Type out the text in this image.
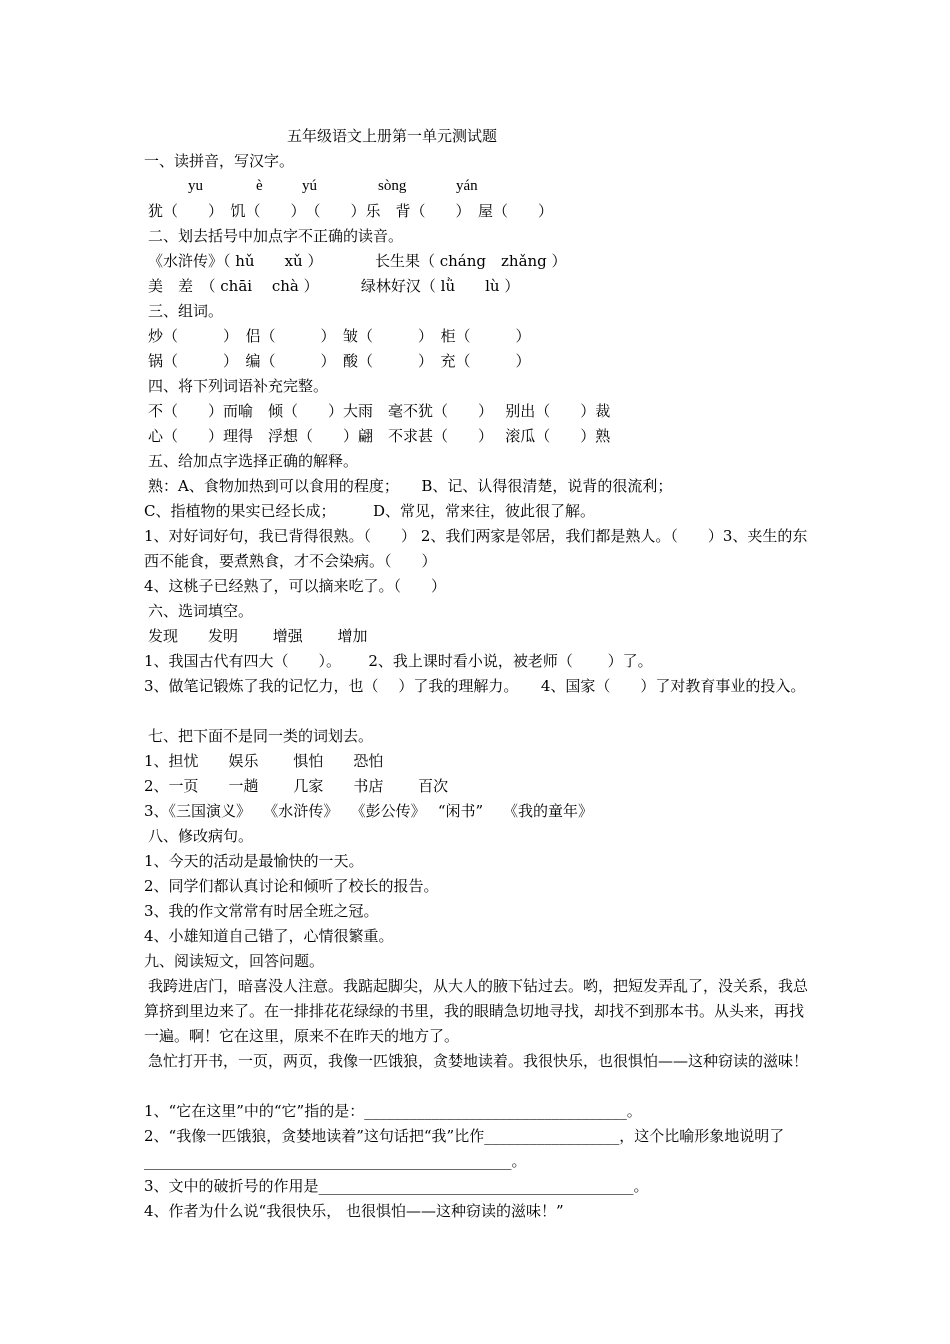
五年级语文上册第一单元测试题
一、读拼音，写汉字。
yu	è	yú	sòng	yán
犹（　　）　饥（　　）　（　　）乐　背（　　）　屋（　　）
二、划去括号中加点字不正确的读音。
《水浒传》（ hǔ　　xǔ ）　　　　长生果（ cháng　zhǎng ）
美　差　（ chāi　 chà ）　　　 绿林好汉（ lǜ　　lù ）
三、组词。
炒（　　　）　侣（　　　）　皱（　　　）　柜（　　　）
锅（　　　）　编（　　　）　酸（　　　）　充（　　　）
四、将下列词语补充完整。
不（　　）而喻　倾（　　）大雨　毫不犹（　　）　 别出（　　）裁
心（　　）理得　浮想（　　）翩　不求甚（　　）　 滚瓜（　　）熟
五、给加点字选择正确的解释。
熟：A、食物加热到可以食用的程度；　　B、记、认得很清楚，说背的很流利；
C、指植物的果实已经长成；　　　D、常见，常来往，彼此很了解。
1、对好词好句，我已背得很熟。（　　） 2、我们两家是邻居，我们都是熟人。（　　）3、夹生的东西不能食，要煮熟食，才不会染病。（　　）
4、这桃子已经熟了，可以摘来吃了。（　　）
六、选词填空。
发现　　发明　　 增强　　 增加
1、我国古代有四大（　　）。　　 2、我上课时看小说，被老师（　　 ）了。
3、做笔记锻炼了我的记忆力，也（　 ）了我的理解力。　　4、国家（　　）了对教育事业的投入。
七、把下面不是同一类的词划去。
1、担忧　　娱乐　　 惧怕　　恐怕
2、一页　　一趟　　 几家　　书店　　 百次
3、《三国演义》　 《水浒传》　 《彭公传》　 “闲书”　 《我的童年》
八、修改病句。
1、今天的活动是最愉快的一天。
2、同学们都认真讨论和倾听了校长的报告。
3、我的作文常常有时居全班之冠。
4、小雄知道自己错了，心情很繁重。
九、阅读短文，回答问题。
我跨进店门，暗喜没人注意。我踮起脚尖，从大人的腋下钻过去。哟，把短发弄乱了，没关系，我总算挤到里边来了。在一排排花花绿绿的书里，我的眼睛急切地寻找，却找不到那本书。从头来，再找一遍。啊！它在这里，原来不在昨天的地方了。
急忙打开书，一页，两页，我像一匹饿狼，贪婪地读着。我很快乐，也很惧怕——这种窃读的滋味！
1、“它在这里”中的“它”指的是：___________________________________。
2、“我像一匹饿狼，贪婪地读着”这句话把“我”比作__________________，这个比喻形象地说明了_________________________________________________。
3、文中的破折号的作用是__________________________________________。
4、作者为什么说“我很快乐， 也很惧怕——这种窃读的滋味！”
